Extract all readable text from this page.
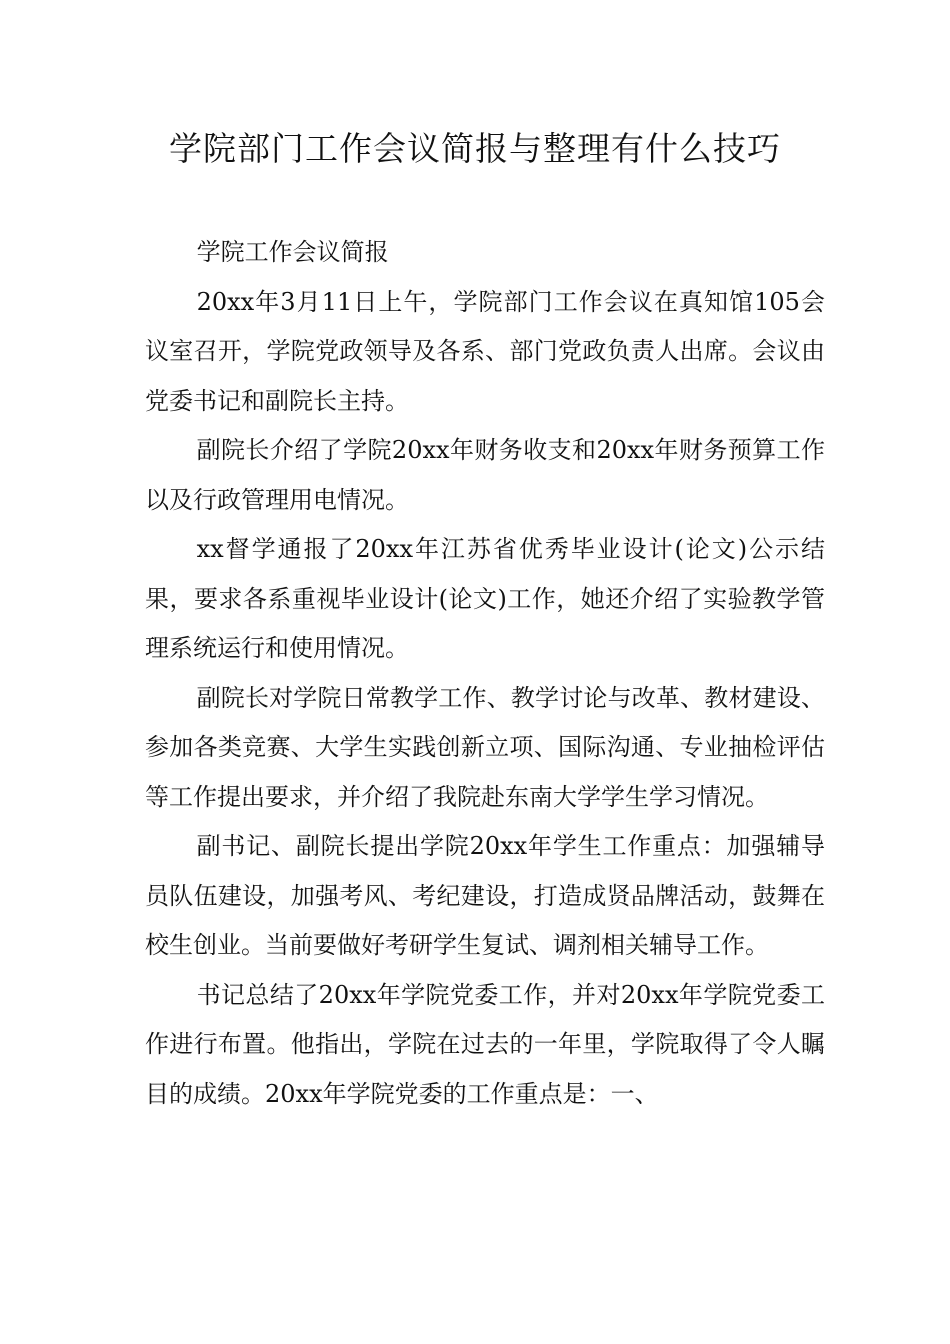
学院部门工作会议简报与整理有什么技巧

学院工作会议简报

20xx年3月11日上午，学院部门工作会议在真知馆105会议室召开，学院党政领导及各系、部门党政负责人出席。会议由党委书记和副院长主持。

副院长介绍了学院20xx年财务收支和20xx年财务预算工作以及行政管理用电情况。

xx督学通报了20xx年江苏省优秀毕业设计(论文)公示结果，要求各系重视毕业设计(论文)工作，她还介绍了实验教学管理系统运行和使用情况。

副院长对学院日常教学工作、教学讨论与改革、教材建设、参加各类竞赛、大学生实践创新立项、国际沟通、专业抽检评估等工作提出要求，并介绍了我院赴东南大学学生学习情况。

副书记、副院长提出学院20xx年学生工作重点：加强辅导员队伍建设，加强考风、考纪建设，打造成贤品牌活动，鼓舞在校生创业。当前要做好考研学生复试、调剂相关辅导工作。

书记总结了20xx年学院党委工作，并对20xx年学院党委工作进行布置。他指出，学院在过去的一年里，学院取得了令人瞩目的成绩。20xx年学院党委的工作重点是：一、
